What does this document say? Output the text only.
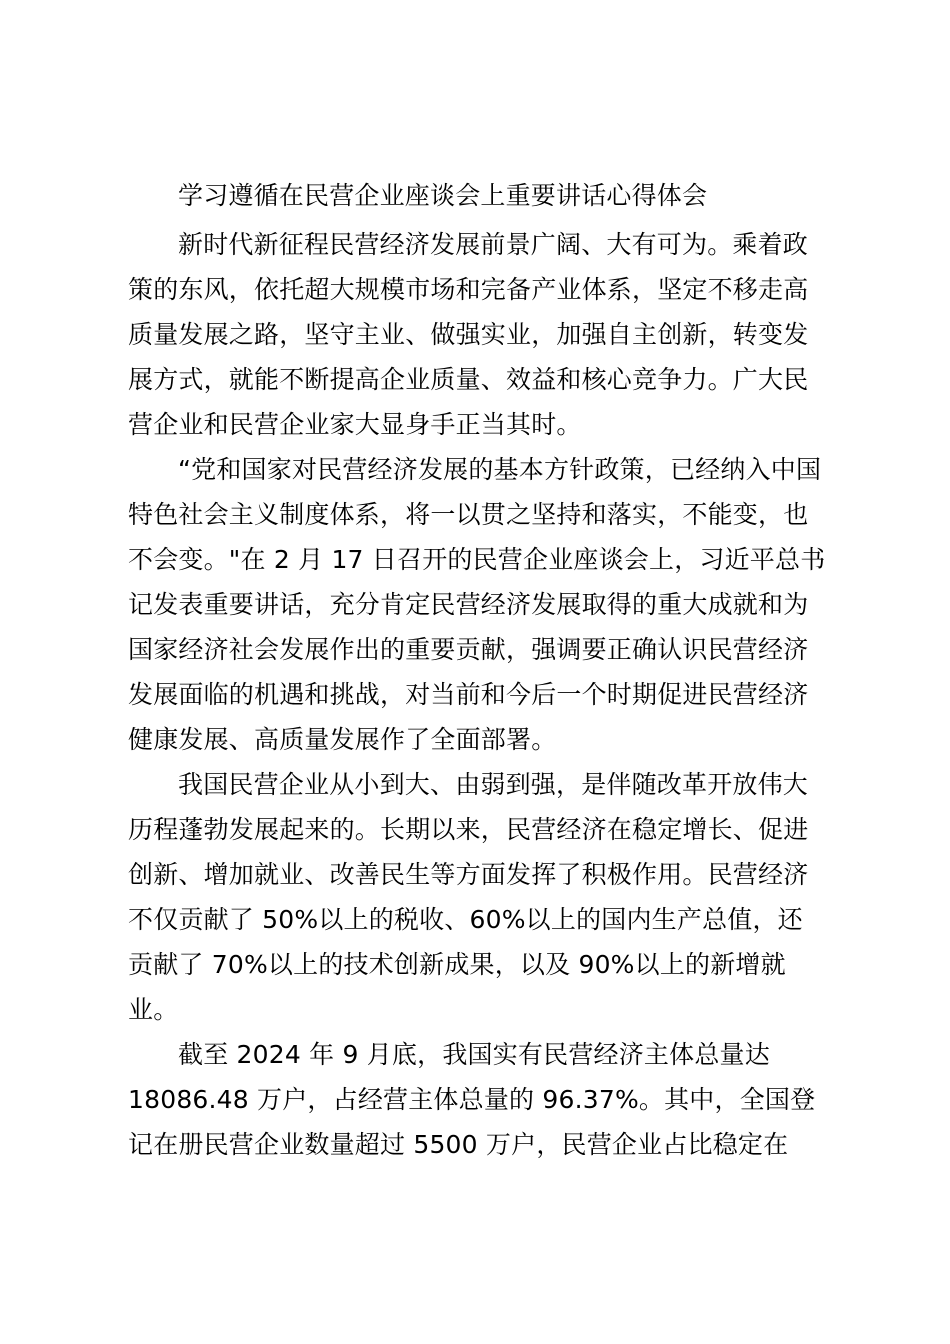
学习遵循在民营企业座谈会上重要讲话心得体会
新时代新征程民营经济发展前景广阔、大有可为。乘着政
策的东风，依托超大规模市场和完备产业体系，坚定不移走高
质量发展之路，坚守主业、做强实业，加强自主创新，转变发
展方式，就能不断提高企业质量、效益和核心竞争力。广大民
营企业和民营企业家大显身手正当其时。
“党和国家对民营经济发展的基本方针政策，已经纳入中国
特色社会主义制度体系，将一以贯之坚持和落实，不能变，也
不会变。"在 2 月 17 日召开的民营企业座谈会上，习近平总书
记发表重要讲话，充分肯定民营经济发展取得的重大成就和为
国家经济社会发展作出的重要贡献，强调要正确认识民营经济
发展面临的机遇和挑战，对当前和今后一个时期促进民营经济
健康发展、高质量发展作了全面部署。
我国民营企业从小到大、由弱到强，是伴随改革开放伟大
历程蓬勃发展起来的。长期以来，民营经济在稳定增长、促进
创新、增加就业、改善民生等方面发挥了积极作用。民营经济
不仅贡献了 50%以上的税收、60%以上的国内生产总值，还
贡献了 70%以上的技术创新成果，以及 90%以上的新增就
业。
截至 2024 年 9 月底，我国实有民营经济主体总量达
18086.48 万户，占经营主体总量的 96.37%。其中，全国登
记在册民营企业数量超过 5500 万户，民营企业占比稳定在
